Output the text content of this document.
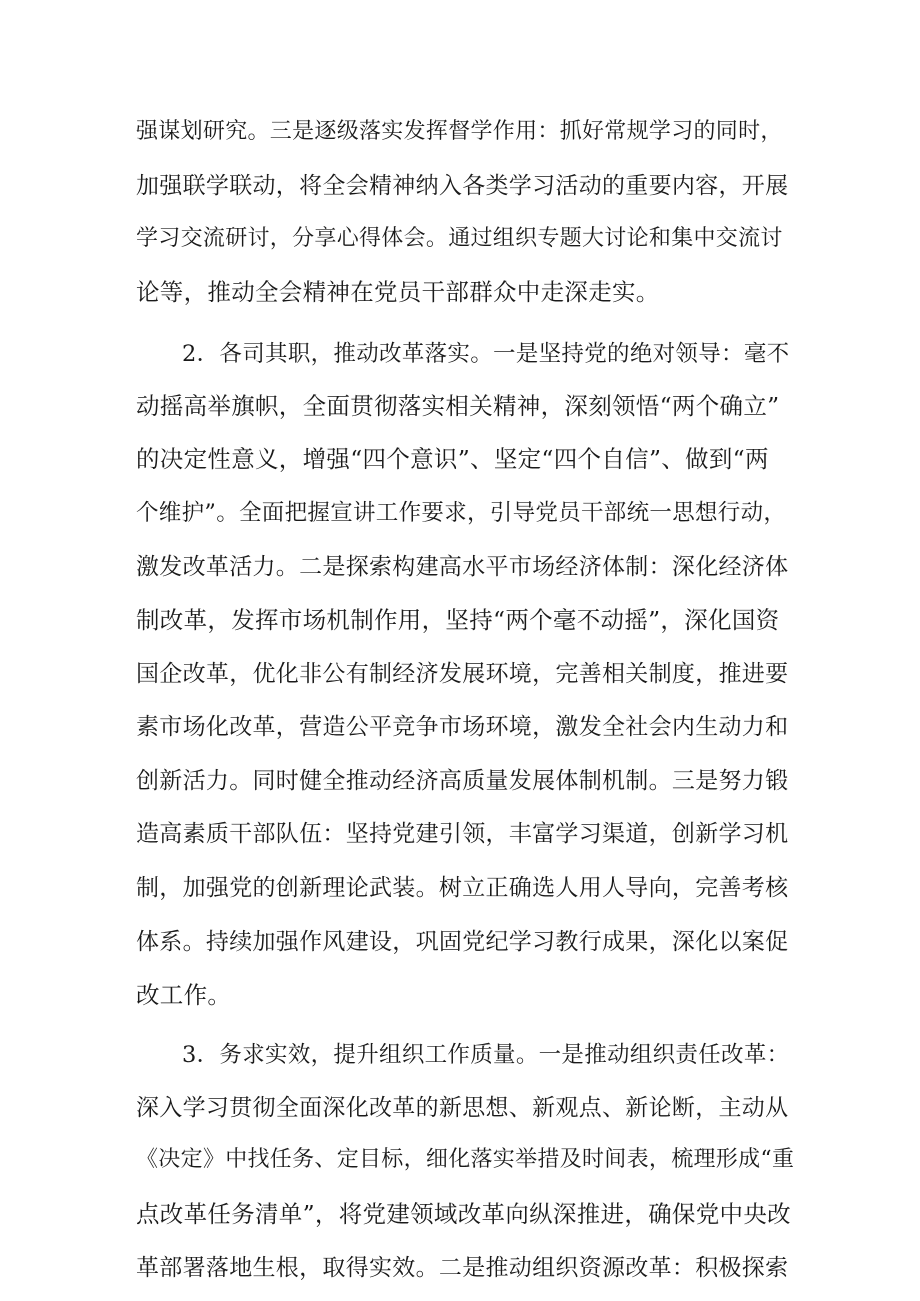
强谋划研究。三是逐级落实发挥督学作用：抓好常规学习的同时，
加强联学联动，将全会精神纳入各类学习活动的重要内容，开展
学习交流研讨，分享心得体会。通过组织专题大讨论和集中交流讨
论等，推动全会精神在党员干部群众中走深走实。
2．各司其职，推动改革落实。一是坚持党的绝对领导：毫不
动摇高举旗帜，全面贯彻落实相关精神，深刻领悟“两个确立”
的决定性意义，增强“四个意识”、坚定“四个自信”、做到“两
个维护”。全面把握宣讲工作要求，引导党员干部统一思想行动，
激发改革活力。二是探索构建高水平市场经济体制：深化经济体
制改革，发挥市场机制作用，坚持“两个毫不动摇”，深化国资
国企改革，优化非公有制经济发展环境，完善相关制度，推进要
素市场化改革，营造公平竞争市场环境，激发全社会内生动力和
创新活力。同时健全推动经济高质量发展体制机制。三是努力锻
造高素质干部队伍：坚持党建引领，丰富学习渠道，创新学习机
制，加强党的创新理论武装。树立正确选人用人导向，完善考核
体系。持续加强作风建设，巩固党纪学习教行成果，深化以案促
改工作。
3．务求实效，提升组织工作质量。一是推动组织责任改革：
深入学习贯彻全面深化改革的新思想、新观点、新论断，主动从
《决定》中找任务、定目标，细化落实举措及时间表，梳理形成“重
点改革任务清单”，将党建领域改革向纵深推进，确保党中央改
革部署落地生根，取得实效。二是推动组织资源改革：积极探索
